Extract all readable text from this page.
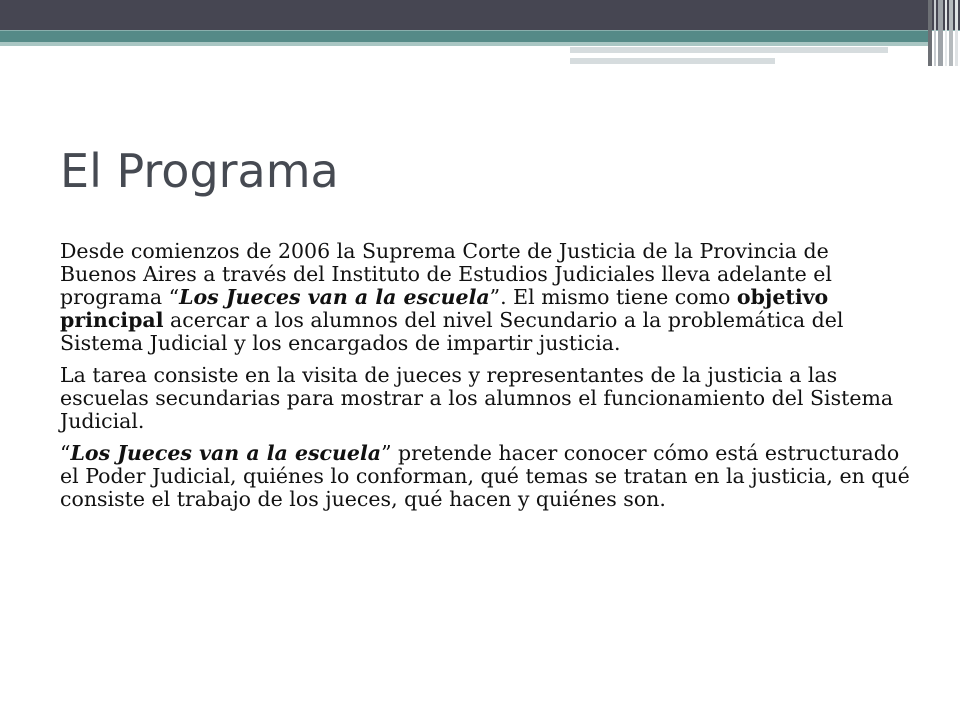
El Programa

Desde comienzos de 2006 la Suprema Corte de Justicia de la Provincia de Buenos Aires a través del Instituto de Estudios Judiciales lleva adelante el programa “Los Jueces van a la escuela”. El mismo tiene como objetivo principal acercar a los alumnos del nivel Secundario a la problemática del Sistema Judicial y los encargados de impartir justicia.

La tarea consiste en la visita de jueces y representantes de la justicia a las escuelas secundarias para mostrar a los alumnos el funcionamiento del Sistema Judicial.

“Los Jueces van a la escuela” pretende hacer conocer cómo está estructurado el Poder Judicial, quiénes lo conforman, qué temas se tratan en la justicia, en qué consiste el trabajo de los jueces, qué hacen y quiénes son.
